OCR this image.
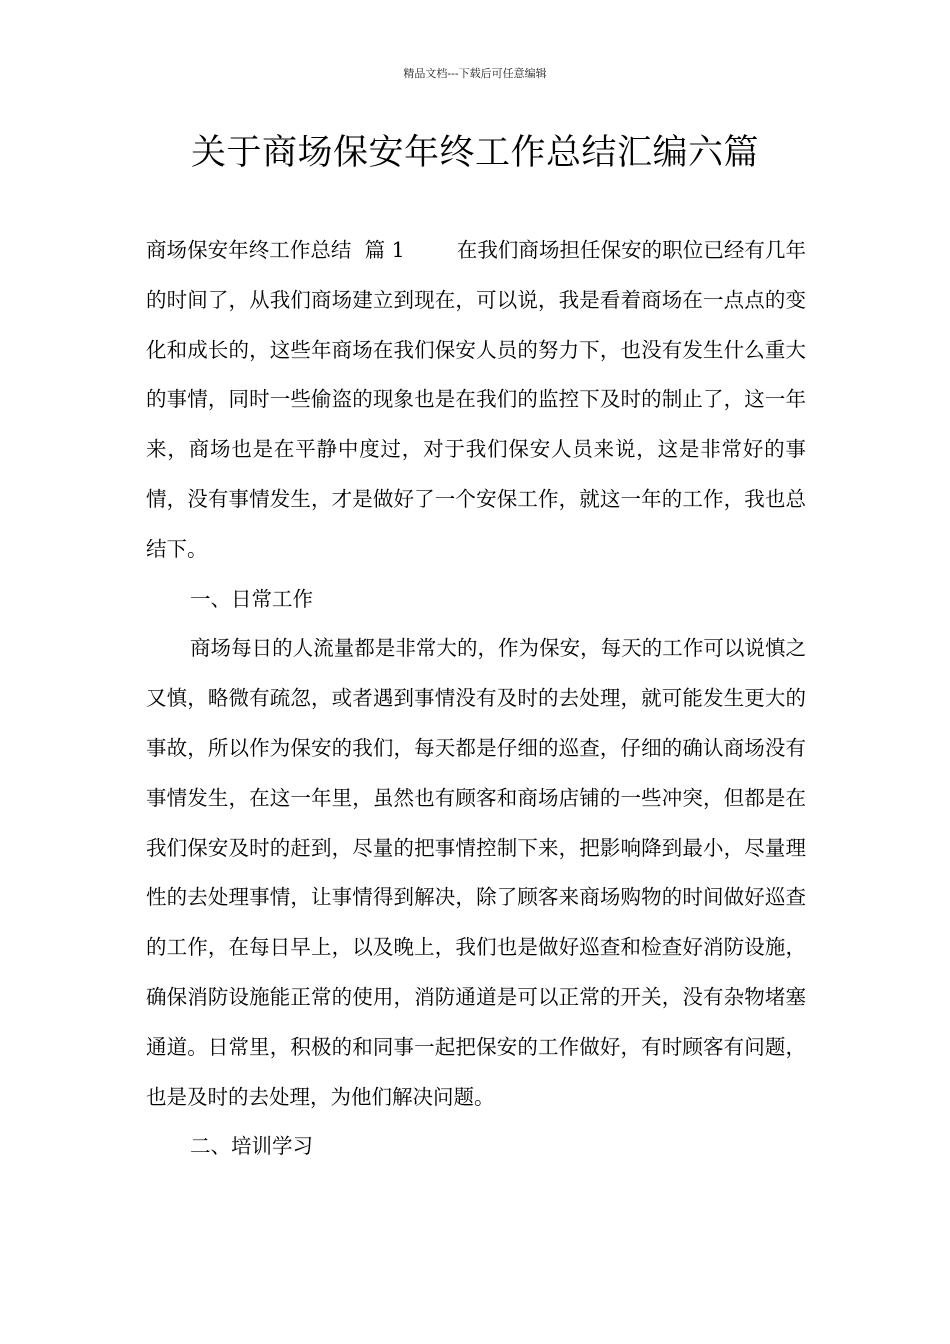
精品文档---下载后可任意编辑
关于商场保安年终工作总结汇编六篇

商场保安年终工作总结  篇 1	在我们商场担任保安的职位已经有几年的时间了，从我们商场建立到现在，可以说，我是看着商场在一点点的变化和成长的，这些年商场在我们保安人员的努力下，也没有发生什么重大的事情，同时一些偷盗的现象也是在我们的监控下及时的制止了，这一年来，商场也是在平静中度过，对于我们保安人员来说，这是非常好的事情，没有事情发生，才是做好了一个安保工作，就这一年的工作，我也总结下。

一、日常工作

商场每日的人流量都是非常大的，作为保安，每天的工作可以说慎之又慎，略微有疏忽，或者遇到事情没有及时的去处理，就可能发生更大的事故，所以作为保安的我们，每天都是仔细的巡查，仔细的确认商场没有事情发生，在这一年里，虽然也有顾客和商场店铺的一些冲突，但都是在我们保安及时的赶到，尽量的把事情控制下来，把影响降到最小，尽量理性的去处理事情，让事情得到解决，除了顾客来商场购物的时间做好巡查的工作，在每日早上，以及晚上，我们也是做好巡查和检查好消防设施，确保消防设施能正常的使用，消防通道是可以正常的开关，没有杂物堵塞通道。日常里，积极的和同事一起把保安的工作做好，有时顾客有问题，也是及时的去处理，为他们解决问题。

二、培训学习
